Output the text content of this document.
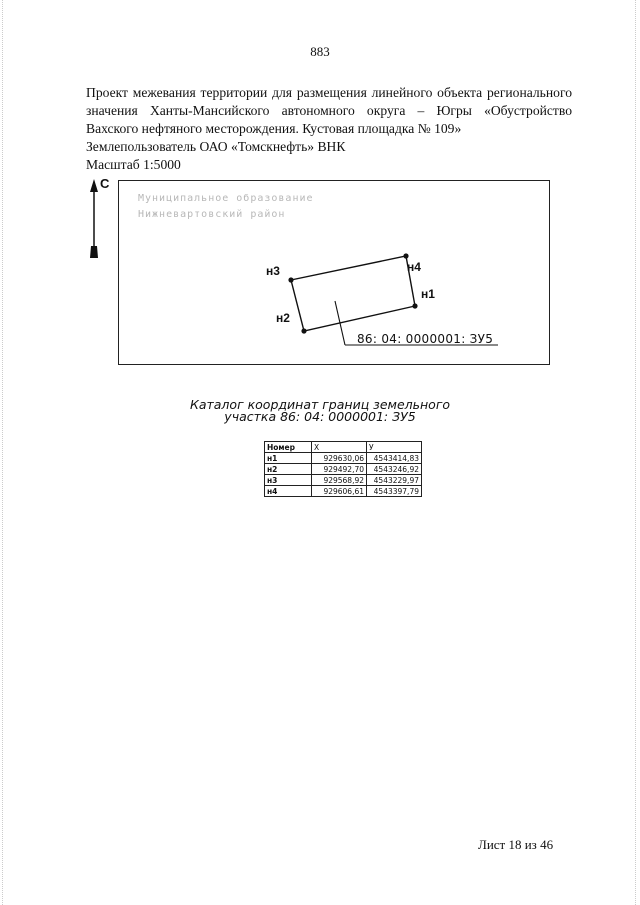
883
Проект межевания территории для размещения линейного объекта регионального
значения Ханты-Мансийского автономного округа – Югры «Обустройство
Вахского нефтяного месторождения. Кустовая площадка № 109»
Землепользователь ОАО «Томскнефть» ВНК
Масштаб 1:5000
С
Муниципальное образование
Нижневартовский район
н1
н2
н3	н4
86: 04: 0000001: ЗУ5
Каталог координат границ земельного
участка 86: 04: 0000001: ЗУ5
Номер	X	У
н1	929630,06	4543414,83
н2	929492,70	4543246,92
н3	929568,92	4543229,97
н4	929606,61	4543397,79
Лист 18 из 46
